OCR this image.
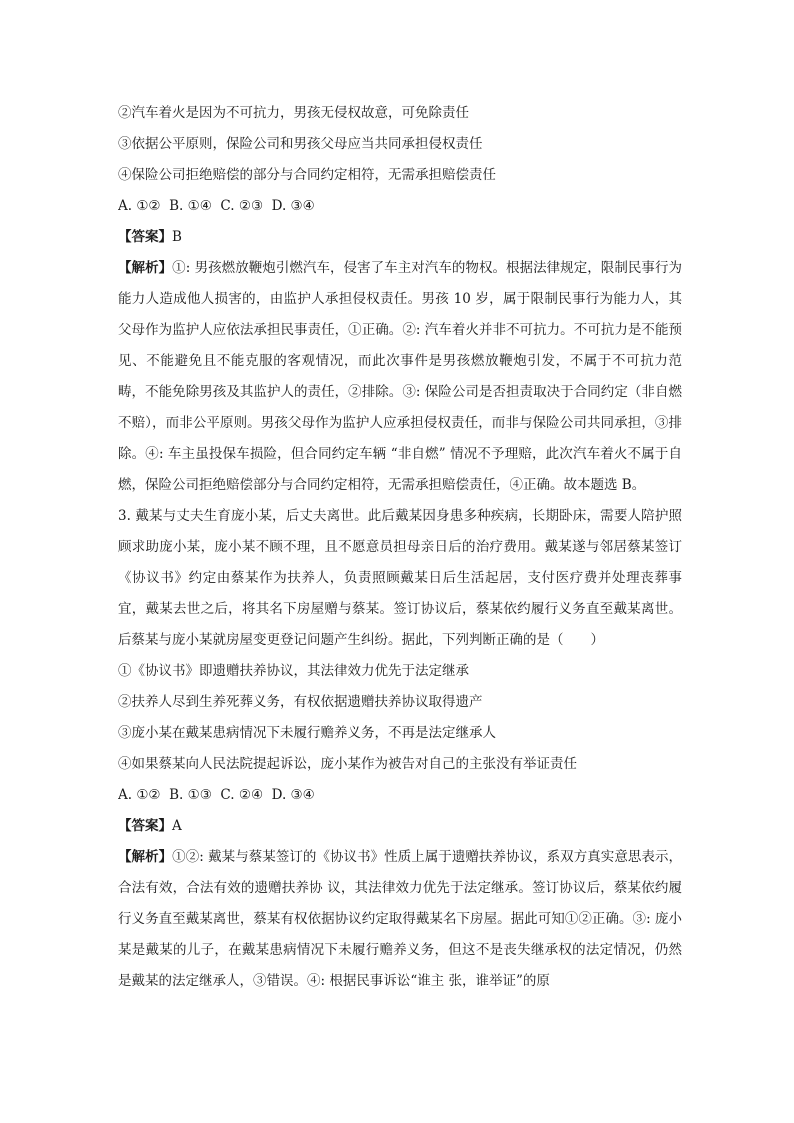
②汽车着火是因为不可抗力，男孩无侵权故意，可免除责任
③依据公平原则，保险公司和男孩父母应当共同承担侵权责任
④保险公司拒绝赔偿的部分与合同约定相符，无需承担赔偿责任
A. ①②  B. ①④  C. ②③  D. ③④
【答案】B
【解析】①: 男孩燃放鞭炮引燃汽车，侵害了车主对汽车的物权。根据法律规定，限制民事行为能力人造成他人损害的，由监护人承担侵权责任。男孩 10 岁，属于限制民事行为能力人，其父母作为监护人应依法承担民事责任，①正确。②: 汽车着火并非不可抗力。不可抗力是不能预见、不能避免且不能克服的客观情况，而此次事件是男孩燃放鞭炮引发，不属于不可抗力范畴，不能免除男孩及其监护人的责任，②排除。③: 保险公司是否担责取决于合同约定（非自燃不赔），而非公平原则。男孩父母作为监护人应承担侵权责任，而非与保险公司共同承担，③排除。④: 车主虽投保车损险，但合同约定车辆 “非自燃” 情况不予理赔，此次汽车着火不属于自燃，保险公司拒绝赔偿部分与合同约定相符，无需承担赔偿责任，④正确。故本题选 B。
3. 戴某与丈夫生育庞小某，后丈夫离世。此后戴某因身患多种疾病，长期卧床，需要人陪护照顾求助庞小某，庞小某不顾不理，且不愿意员担母亲日后的治疗费用。戴某遂与邻居蔡某签订《协议书》约定由蔡某作为扶养人，负责照顾戴某日后生活起居，支付医疗费并处理丧葬事宜，戴某去世之后，将其名下房屋赠与蔡某。签订协议后，蔡某依约履行义务直至戴某离世。后蔡某与庞小某就房屋变更登记问题产生纠纷。据此，下列判断正确的是（　　）
①《协议书》即遗赠扶养协议，其法律效力优先于法定继承
②扶养人尽到生养死葬义务，有权依据遗赠扶养协议取得遗产
③庞小某在戴某患病情况下未履行赡养义务，不再是法定继承人
④如果蔡某向人民法院提起诉讼，庞小某作为被告对自己的主张没有举证责任
A. ①②  B. ①③  C. ②④  D. ③④
【答案】A
【解析】①②: 戴某与蔡某签订的《协议书》性质上属于遗赠扶养协议，系双方真实意思表示，合法有效，合法有效的遗赠扶养协 议，其法律效力优先于法定继承。签订协议后，蔡某依约履行义务直至戴某离世，蔡某有权依据协议约定取得戴某名下房屋。据此可知①②正确。③: 庞小某是戴某的儿子，在戴某患病情况下未履行赡养义务，但这不是丧失继承权的法定情况，仍然是戴某的法定继承人，③错误。④: 根据民事诉讼“谁主 张，谁举证”的原
